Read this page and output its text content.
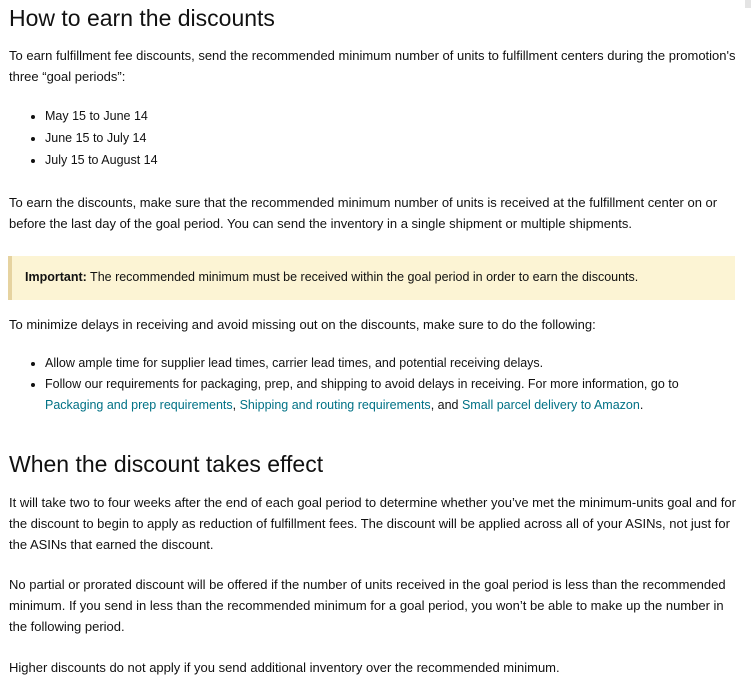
How to earn the discounts

To earn fulfillment fee discounts, send the recommended minimum number of units to fulfillment centers during the promotion's three “goal periods”:

• May 15 to June 14
• June 15 to July 14
• July 15 to August 14

To earn the discounts, make sure that the recommended minimum number of units is received at the fulfillment center on or before the last day of the goal period. You can send the inventory in a single shipment or multiple shipments.

Important: The recommended minimum must be received within the goal period in order to earn the discounts.

To minimize delays in receiving and avoid missing out on the discounts, make sure to do the following:

• Allow ample time for supplier lead times, carrier lead times, and potential receiving delays.
• Follow our requirements for packaging, prep, and shipping to avoid delays in receiving. For more information, go to
Packaging and prep requirements, Shipping and routing requirements, and Small parcel delivery to Amazon.
When the discount takes effect

It will take two to four weeks after the end of each goal period to determine whether you’ve met the minimum-units goal and for the discount to begin to apply as reduction of fulfillment fees. The discount will be applied across all of your ASINs, not just for the ASINs that earned the discount.

No partial or prorated discount will be offered if the number of units received in the goal period is less than the recommended minimum. If you send in less than the recommended minimum for a goal period, you won’t be able to make up the number in the following period.

Higher discounts do not apply if you send additional inventory over the recommended minimum.
